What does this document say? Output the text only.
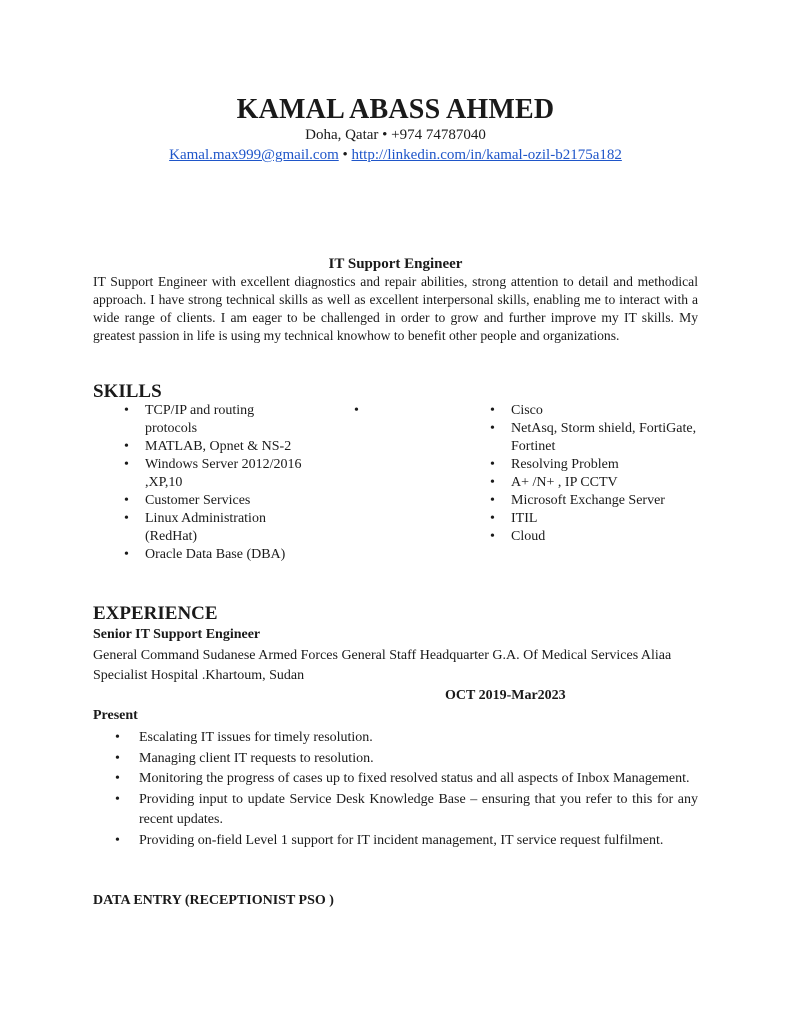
KAMAL ABASS AHMED
Doha, Qatar • +974 74787040
Kamal.max999@gmail.com • http://linkedin.com/in/kamal-ozil-b2175a182
IT Support Engineer

IT Support Engineer with excellent diagnostics and repair abilities, strong attention to detail and methodical approach. I have strong technical skills as well as excellent interpersonal skills, enabling me to interact with a wide range of clients. I am eager to be challenged in order to grow and further improve my IT skills. My greatest passion in life is using my technical knowhow to benefit other people and organizations.

SKILLS
• TCP/IP and routing protocols
• MATLAB, Opnet & NS-2
• Windows Server 2012/2016 ,XP,10
• Customer Services
• Linux Administration (RedHat)
• Oracle Data Base (DBA)
• Cisco
• NetAsq, Storm shield, FortiGate, Fortinet
• Resolving Problem
• A+ /N+ , IP CCTV
• Microsoft Exchange Server
• ITIL
• Cloud
EXPERIENCE
Senior IT Support Engineer

General Command Sudanese Armed Forces General Staff Headquarter G.A. Of Medical Services Aliaa Specialist Hospital .Khartoum, Sudan

OCT 2019-Mar2023
Present
• Escalating IT issues for timely resolution.
• Managing client IT requests to resolution.
• Monitoring the progress of cases up to fixed resolved status and all aspects of Inbox Management.
• Providing input to update Service Desk Knowledge Base – ensuring that you refer to this for any recent updates.
• Providing on-field Level 1 support for IT incident management, IT service request fulfilment.
DATA ENTRY (RECEPTIONIST PSO )
